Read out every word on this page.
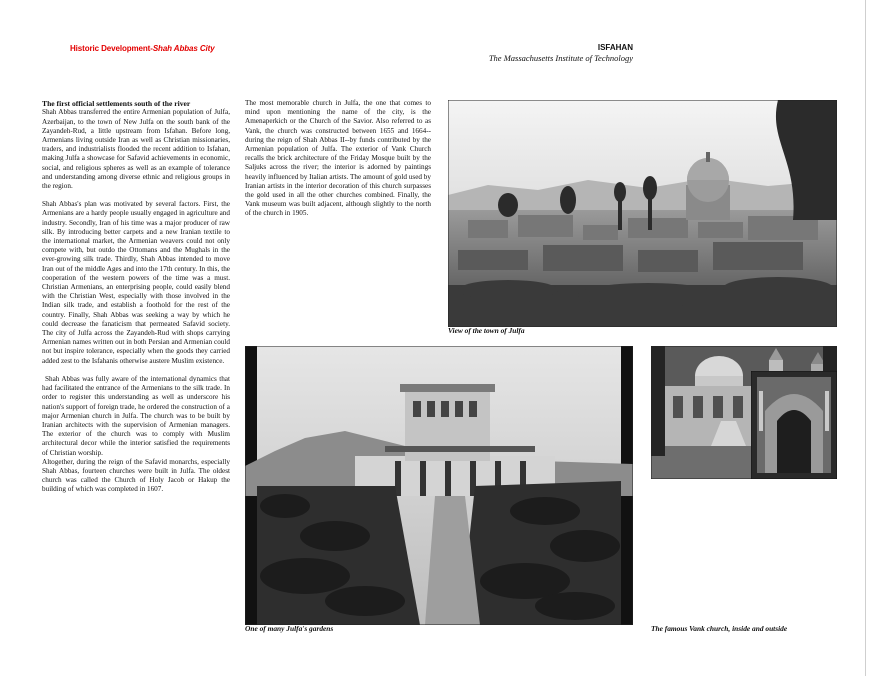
Historic Development-Shah Abbas City	ISFAHAN
The Massachusetts Institute of Technology
The first official settlements south of the river

Shah Abbas transferred the entire Armenian population of Julfa, Azerbaijan, to the town of New Julfa on the south bank of the Zayandeh-Rud, a little upstream from Isfahan. Before long, Armenians living outside Iran as well as Christian missionaries, traders, and industrialists flooded the recent addition to Isfahan, making Julfa a showcase for Safavid achievements in economic, social, and religious spheres as well as an example of tolerance and understanding among diverse ethnic and religious groups in the region.

Shah Abbas's plan was motivated by several factors. First, the Armenians are a hardy people usually engaged in agriculture and industry. Secondly, Iran of his time was a major producer of raw silk. By introducing better carpets and a new Iranian textile to the international market, the Armenian weavers could not only compete with, but outdo the Ottomans and the Mughals in the ever-growing silk trade. Thirdly, Shah Abbas intended to move Iran out of the middle Ages and into the 17th century. In this, the cooperation of the western powers of the time was a must. Christian Armenians, an enterprising people, could easily blend with the Christian West, especially with those involved in the Indian silk trade, and establish a foothold for the rest of the country. Finally, Shah Abbas was seeking a way by which he could decrease the fanaticism that permeated Safavid society. The city of Julfa across the Zayandeh-Rud with shops carrying Armenian names written out in both Persian and Armenian could not but inspire tolerance, especially when the goods they carried added zest to the Isfahanis otherwise austere Muslim existence.

Shah Abbas was fully aware of the international dynamics that had facilitated the entrance of the Armenians to the silk trade. In order to register this understanding as well as underscore his nation's support of foreign trade, he ordered the construction of a major Armenian church in Julfa. The church was to be built by Iranian architects with the supervision of Armenian managers. The exterior of the church was to comply with Muslim architectural decor while the interior satisfied the requirements of Christian worship.

Altogether, during the reign of the Safavid monarchs, especially Shah Abbas, fourteen churches were built in Julfa. The oldest church was called the Church of Holy Jacob or Hakup the building of which was completed in 1607.

The most memorable church in Julfa, the one that comes to mind upon mentioning the name of the city, is the Amenaperkich or the Church of the Savior. Also referred to as Vank, the church was constructed between 1655 and 1664--during the reign of Shah Abbas II--by funds contributed by the Armenian population of Julfa. The exterior of Vank Church recalls the brick architecture of the Friday Mosque built by the Saljuks across the river; the interior is adorned by paintings heavily influenced by Italian artists. The amount of gold used by Iranian artists in the interior decoration of this church surpasses the gold used in all the other churches combined. Finally, the Vank museum was built adjacent, although slightly to the north of the church in 1905.

View of the town of Julfa
One of many Julfa's gardens	The famous Vank church, inside and outside
